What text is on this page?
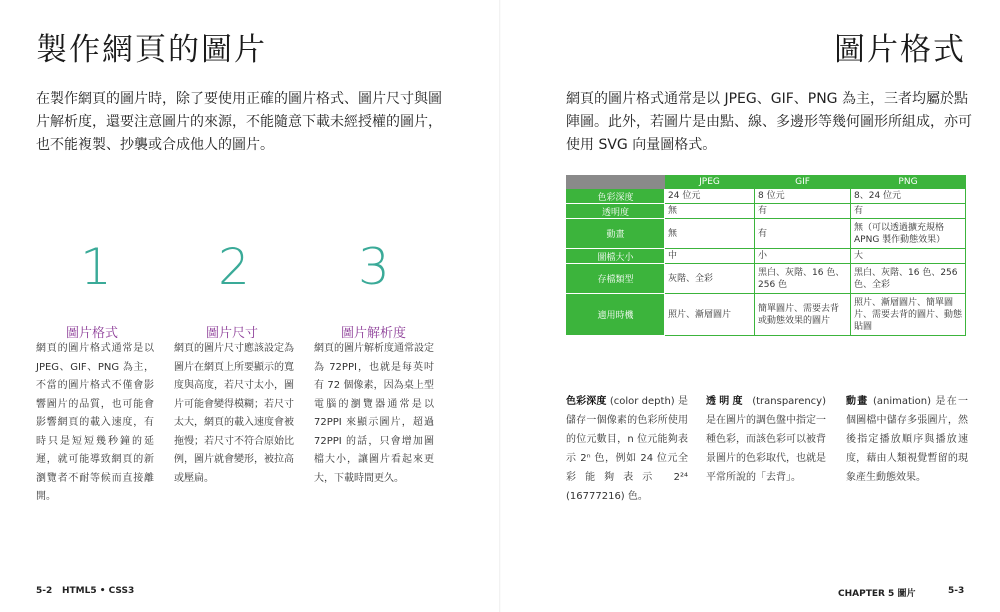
製作網頁的圖片
在製作網頁的圖片時，除了要使用正確的圖片格式、圖片尺寸與圖片解析度，還要注意圖片的來源，不能隨意下載未經授權的圖片，也不能複製、抄襲或合成他人的圖片。
1 2 3
圖片格式	圖片尺寸	圖片解析度
網頁的圖片格式通常是以JPEG、GIF、PNG 為主，不當的圖片格式不僅會影響圖片的品質，也可能會影響網頁的載入速度，有時只是短短幾秒鐘的延遲，就可能導致網頁的新瀏覽者不耐等候而直接離開。
網頁的圖片尺寸應該設定為圖片在網頁上所要顯示的寬度與高度，若尺寸太小，圖片可能會變得模糊；若尺寸太大，網頁的載入速度會被拖慢；若尺寸不符合原始比例，圖片就會變形，被拉高或壓扁。
網頁的圖片解析度通常設定為 72PPI，也就是每英吋有 72 個像素，因為桌上型電腦的瀏覽器通常是以 72PPI 來顯示圖片，超過 72PPI 的話，只會增加圖檔大小，讓圖片看起來更大，下載時間更久。
5-2 HTML5 • CSS3
圖片格式
網頁的圖片格式通常是以 JPEG、GIF、PNG 為主，三者均屬於點陣圖。此外，若圖片是由點、線、多邊形等幾何圖形所組成，亦可使用 SVG 向量圖格式。
	JPEG	GIF	PNG
色彩深度	24 位元	8 位元	8、24 位元
透明度	無	有	有
動畫	無	有	無（可以透過擴充規格 APNG 製作動態效果）
圖檔大小	中	小	大
存檔類型	灰階、全彩	黑白、灰階、16 色、256 色	黑白、灰階、16 色、256 色、全彩
適用時機	照片、漸層圖片	簡單圖片、需要去背或動態效果的圖片	照片、漸層圖片、簡單圖片、需要去背的圖片、動態貼圖
色彩深度 (color depth) 是儲存一個像素的色彩所使用的位元數目，n 位元能夠表示 2ⁿ 色，例如 24 位元全彩能夠表示 2²⁴ (16777216) 色。
透明度 (transparency) 是在圖片的調色盤中指定一種色彩，而該色彩可以被背景圖片的色彩取代，也就是平常所說的「去背」。
動畫 (animation) 是在一個圖檔中儲存多張圖片，然後指定播放順序與播放速度，藉由人類視覺暫留的現象產生動態效果。
CHAPTER 5 圖片	5-3
